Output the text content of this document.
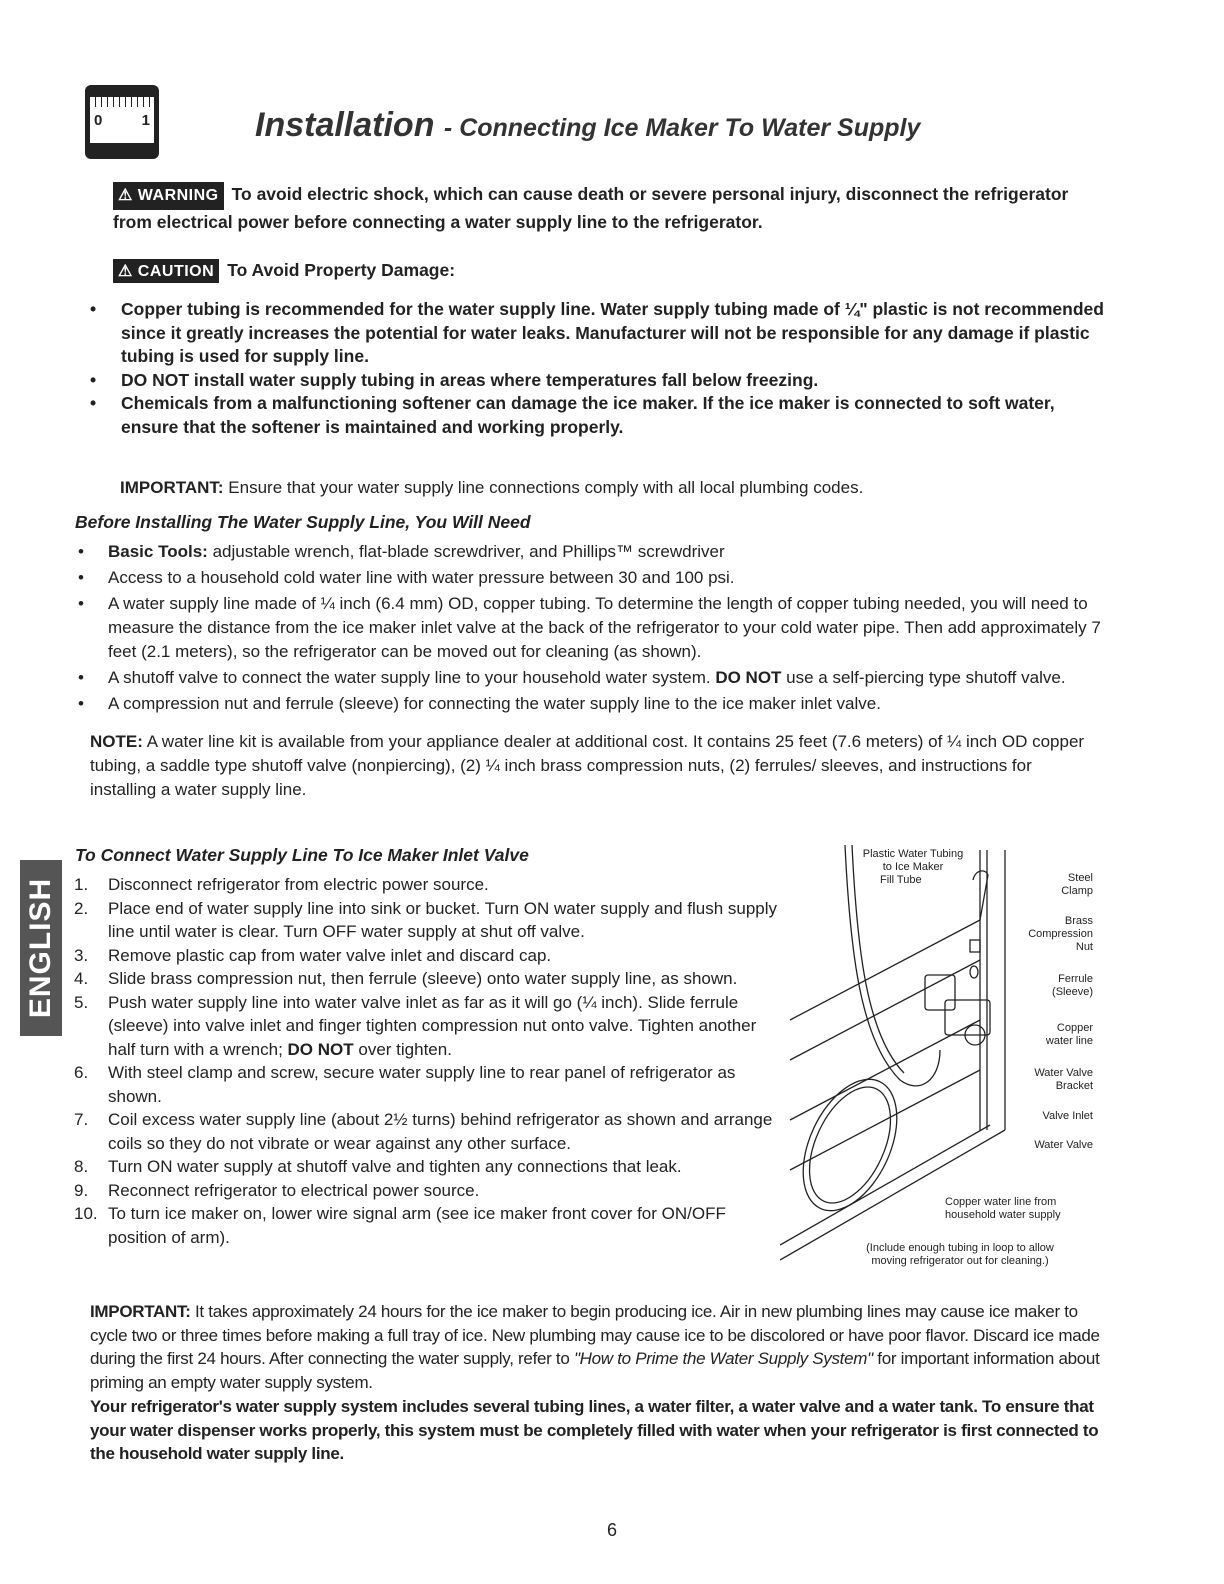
0	1	Installation - Connecting Ice Maker To Water Supply
⚠ WARNING To avoid electric shock, which can cause death or severe personal injury, disconnect the refrigerator from electrical power before connecting a water supply line to the refrigerator.
⚠ CAUTION To Avoid Property Damage:
• Copper tubing is recommended for the water supply line. Water supply tubing made of ¼" plastic is not recommended since it greatly increases the potential for water leaks. Manufacturer will not be responsible for any damage if plastic tubing is used for supply line.
• DO NOT install water supply tubing in areas where temperatures fall below freezing.
• Chemicals from a malfunctioning softener can damage the ice maker. If the ice maker is connected to soft water, ensure that the softener is maintained and working properly.
IMPORTANT: Ensure that your water supply line connections comply with all local plumbing codes.
Before Installing The Water Supply Line, You Will Need
• Basic Tools: adjustable wrench, flat-blade screwdriver, and Phillips™ screwdriver
• Access to a household cold water line with water pressure between 30 and 100 psi.
• A water supply line made of ¼ inch (6.4 mm) OD, copper tubing. To determine the length of copper tubing needed, you will need to measure the distance from the ice maker inlet valve at the back of the refrigerator to your cold water pipe. Then add approximately 7 feet (2.1 meters), so the refrigerator can be moved out for cleaning (as shown).
• A shutoff valve to connect the water supply line to your household water system. DO NOT use a self-piercing type shutoff valve.
• A compression nut and ferrule (sleeve) for connecting the water supply line to the ice maker inlet valve.
NOTE: A water line kit is available from your appliance dealer at additional cost. It contains 25 feet (7.6 meters) of ¼ inch OD copper tubing, a saddle type shutoff valve (nonpiercing), (2) ¼ inch brass compression nuts, (2) ferrules/ sleeves, and instructions for installing a water supply line.
To Connect Water Supply Line To Ice Maker Inlet Valve
ENGLISH 1. Disconnect refrigerator from electric power source.
2. Place end of water supply line into sink or bucket. Turn ON water supply and flush supply line until water is clear. Turn OFF water supply at shut off valve.
3. Remove plastic cap from water valve inlet and discard cap.
4. Slide brass compression nut, then ferrule (sleeve) onto water supply line, as shown.
5. Push water supply line into water valve inlet as far as it will go (¼ inch). Slide ferrule (sleeve) into valve inlet and finger tighten compression nut onto valve. Tighten another half turn with a wrench; DO NOT over tighten.
6. With steel clamp and screw, secure water supply line to rear panel of refrigerator as shown.
7. Coil excess water supply line (about 2½ turns) behind refrigerator as shown and arrange coils so they do not vibrate or wear against any other surface.
8. Turn ON water supply at shutoff valve and tighten any connections that leak.
9. Reconnect refrigerator to electrical power source.
10. To turn ice maker on, lower wire signal arm (see ice maker front cover for ON/OFF position of arm).
Plastic Water Tubing to Ice Maker
Fill Tube	Steel Clamp
Brass Compression Nut
Ferrule (Sleeve)
Copper water line
Water Valve Bracket
Valve Inlet
Water Valve
Copper water line from household water supply
(Include enough tubing in loop to allow moving refrigerator out for cleaning.)
IMPORTANT: It takes approximately 24 hours for the ice maker to begin producing ice. Air in new plumbing lines may cause ice maker to cycle two or three times before making a full tray of ice. New plumbing may cause ice to be discolored or have poor flavor. Discard ice made during the first 24 hours. After connecting the water supply, refer to "How to Prime the Water Supply System" for important information about priming an empty water supply system.
Your refrigerator's water supply system includes several tubing lines, a water filter, a water valve and a water tank. To ensure that your water dispenser works properly, this system must be completely filled with water when your refrigerator is first connected to the household water supply line.
6
